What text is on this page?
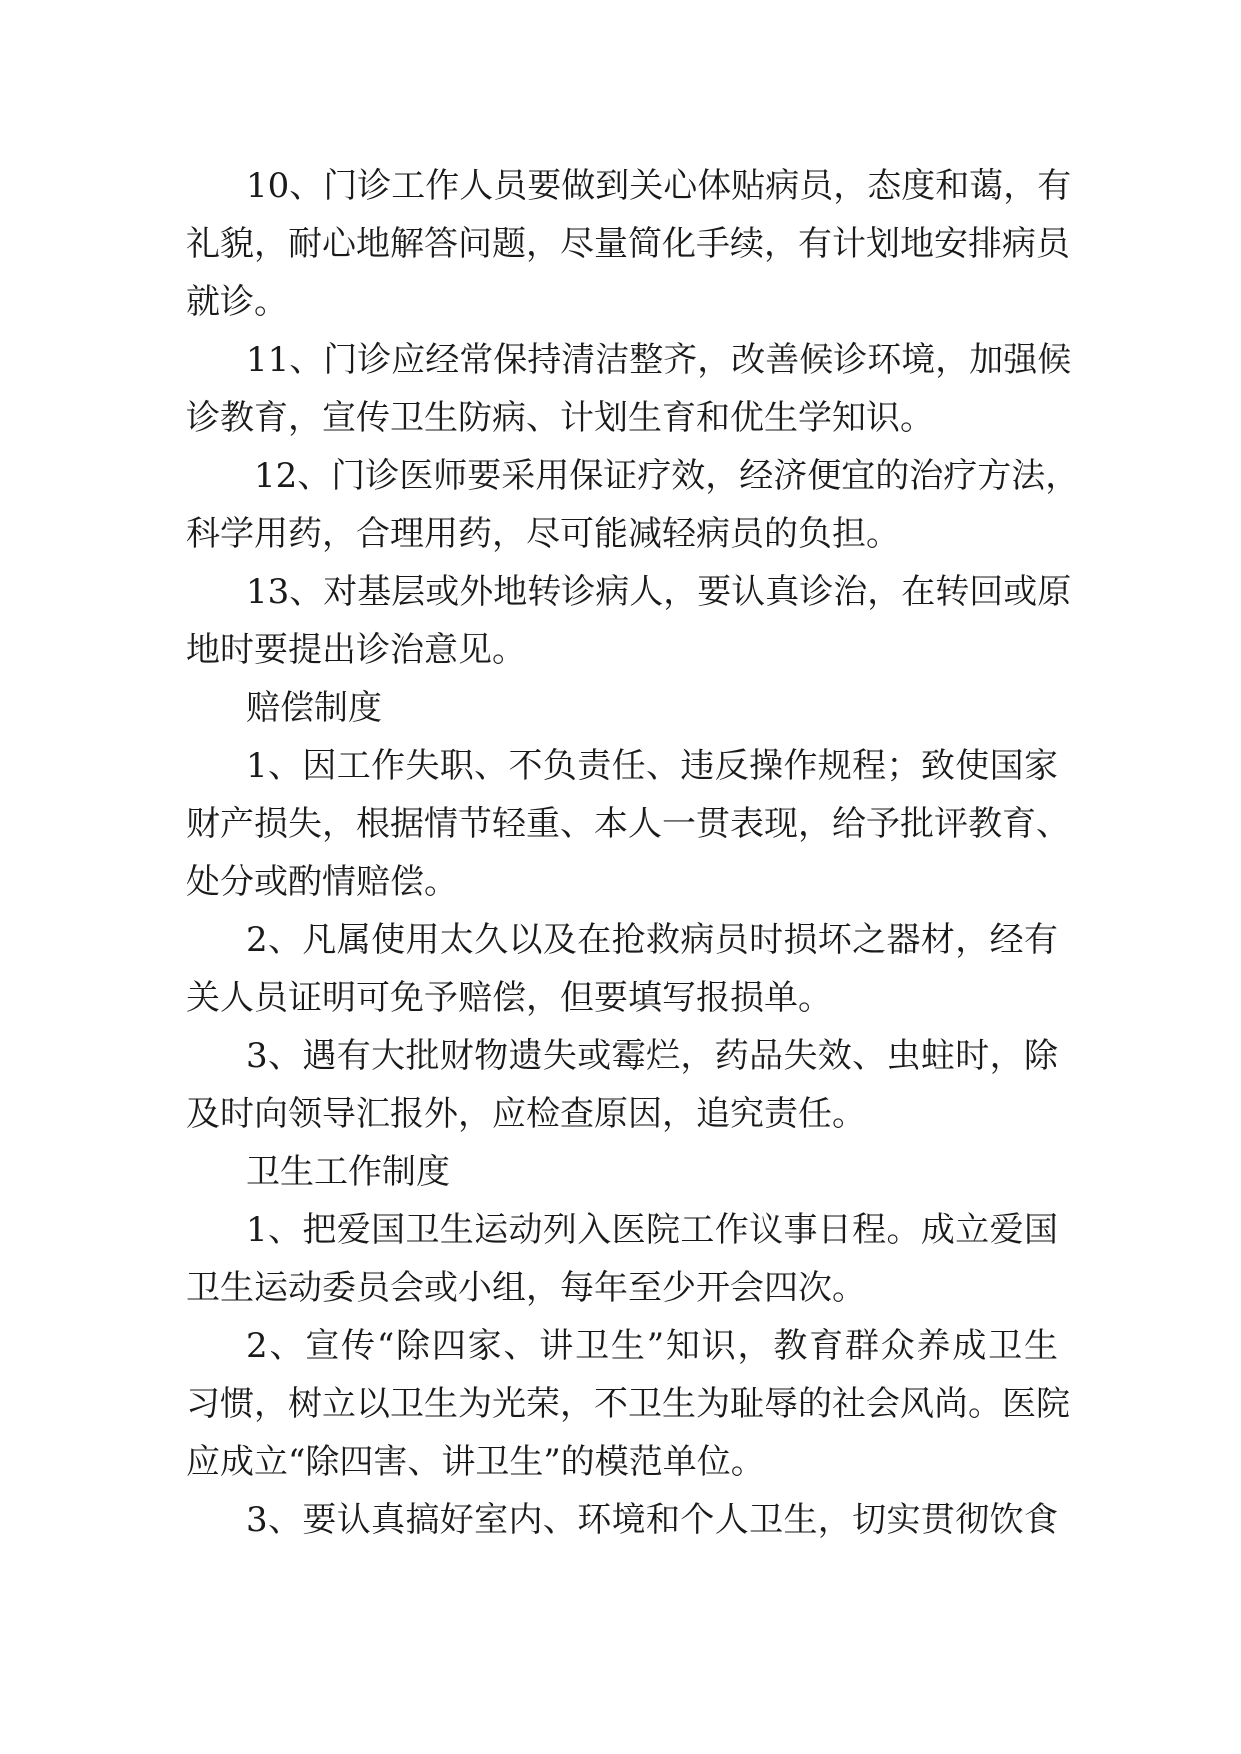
10、门诊工作人员要做到关心体贴病员，态度和蔼，有

礼貌，耐心地解答问题，尽量简化手续，有计划地安排病员

就诊。

11、门诊应经常保持清洁整齐，改善候诊环境，加强候

诊教育，宣传卫生防病、计划生育和优生学知识。

12、门诊医师要采用保证疗效，经济便宜的治疗方法，

科学用药，合理用药，尽可能减轻病员的负担。

13、对基层或外地转诊病人，要认真诊治，在转回或原

地时要提出诊治意见。

赔偿制度

1、因工作失职、不负责任、违反操作规程；致使国家

财产损失，根据情节轻重、本人一贯表现，给予批评教育、

处分或酌情赔偿。

2、凡属使用太久以及在抢救病员时损坏之器材，经有

关人员证明可免予赔偿，但要填写报损单。

3、遇有大批财物遗失或霉烂，药品失效、虫蛀时，除

及时向领导汇报外，应检查原因，追究责任。

卫生工作制度

1、把爱国卫生运动列入医院工作议事日程。成立爱国

卫生运动委员会或小组，每年至少开会四次。

2、宣传“除四家、讲卫生”知识，教育群众养成卫生

习惯，树立以卫生为光荣，不卫生为耻辱的社会风尚。医院

应成立“除四害、讲卫生”的模范单位。

3、要认真搞好室内、环境和个人卫生，切实贯彻饮食
